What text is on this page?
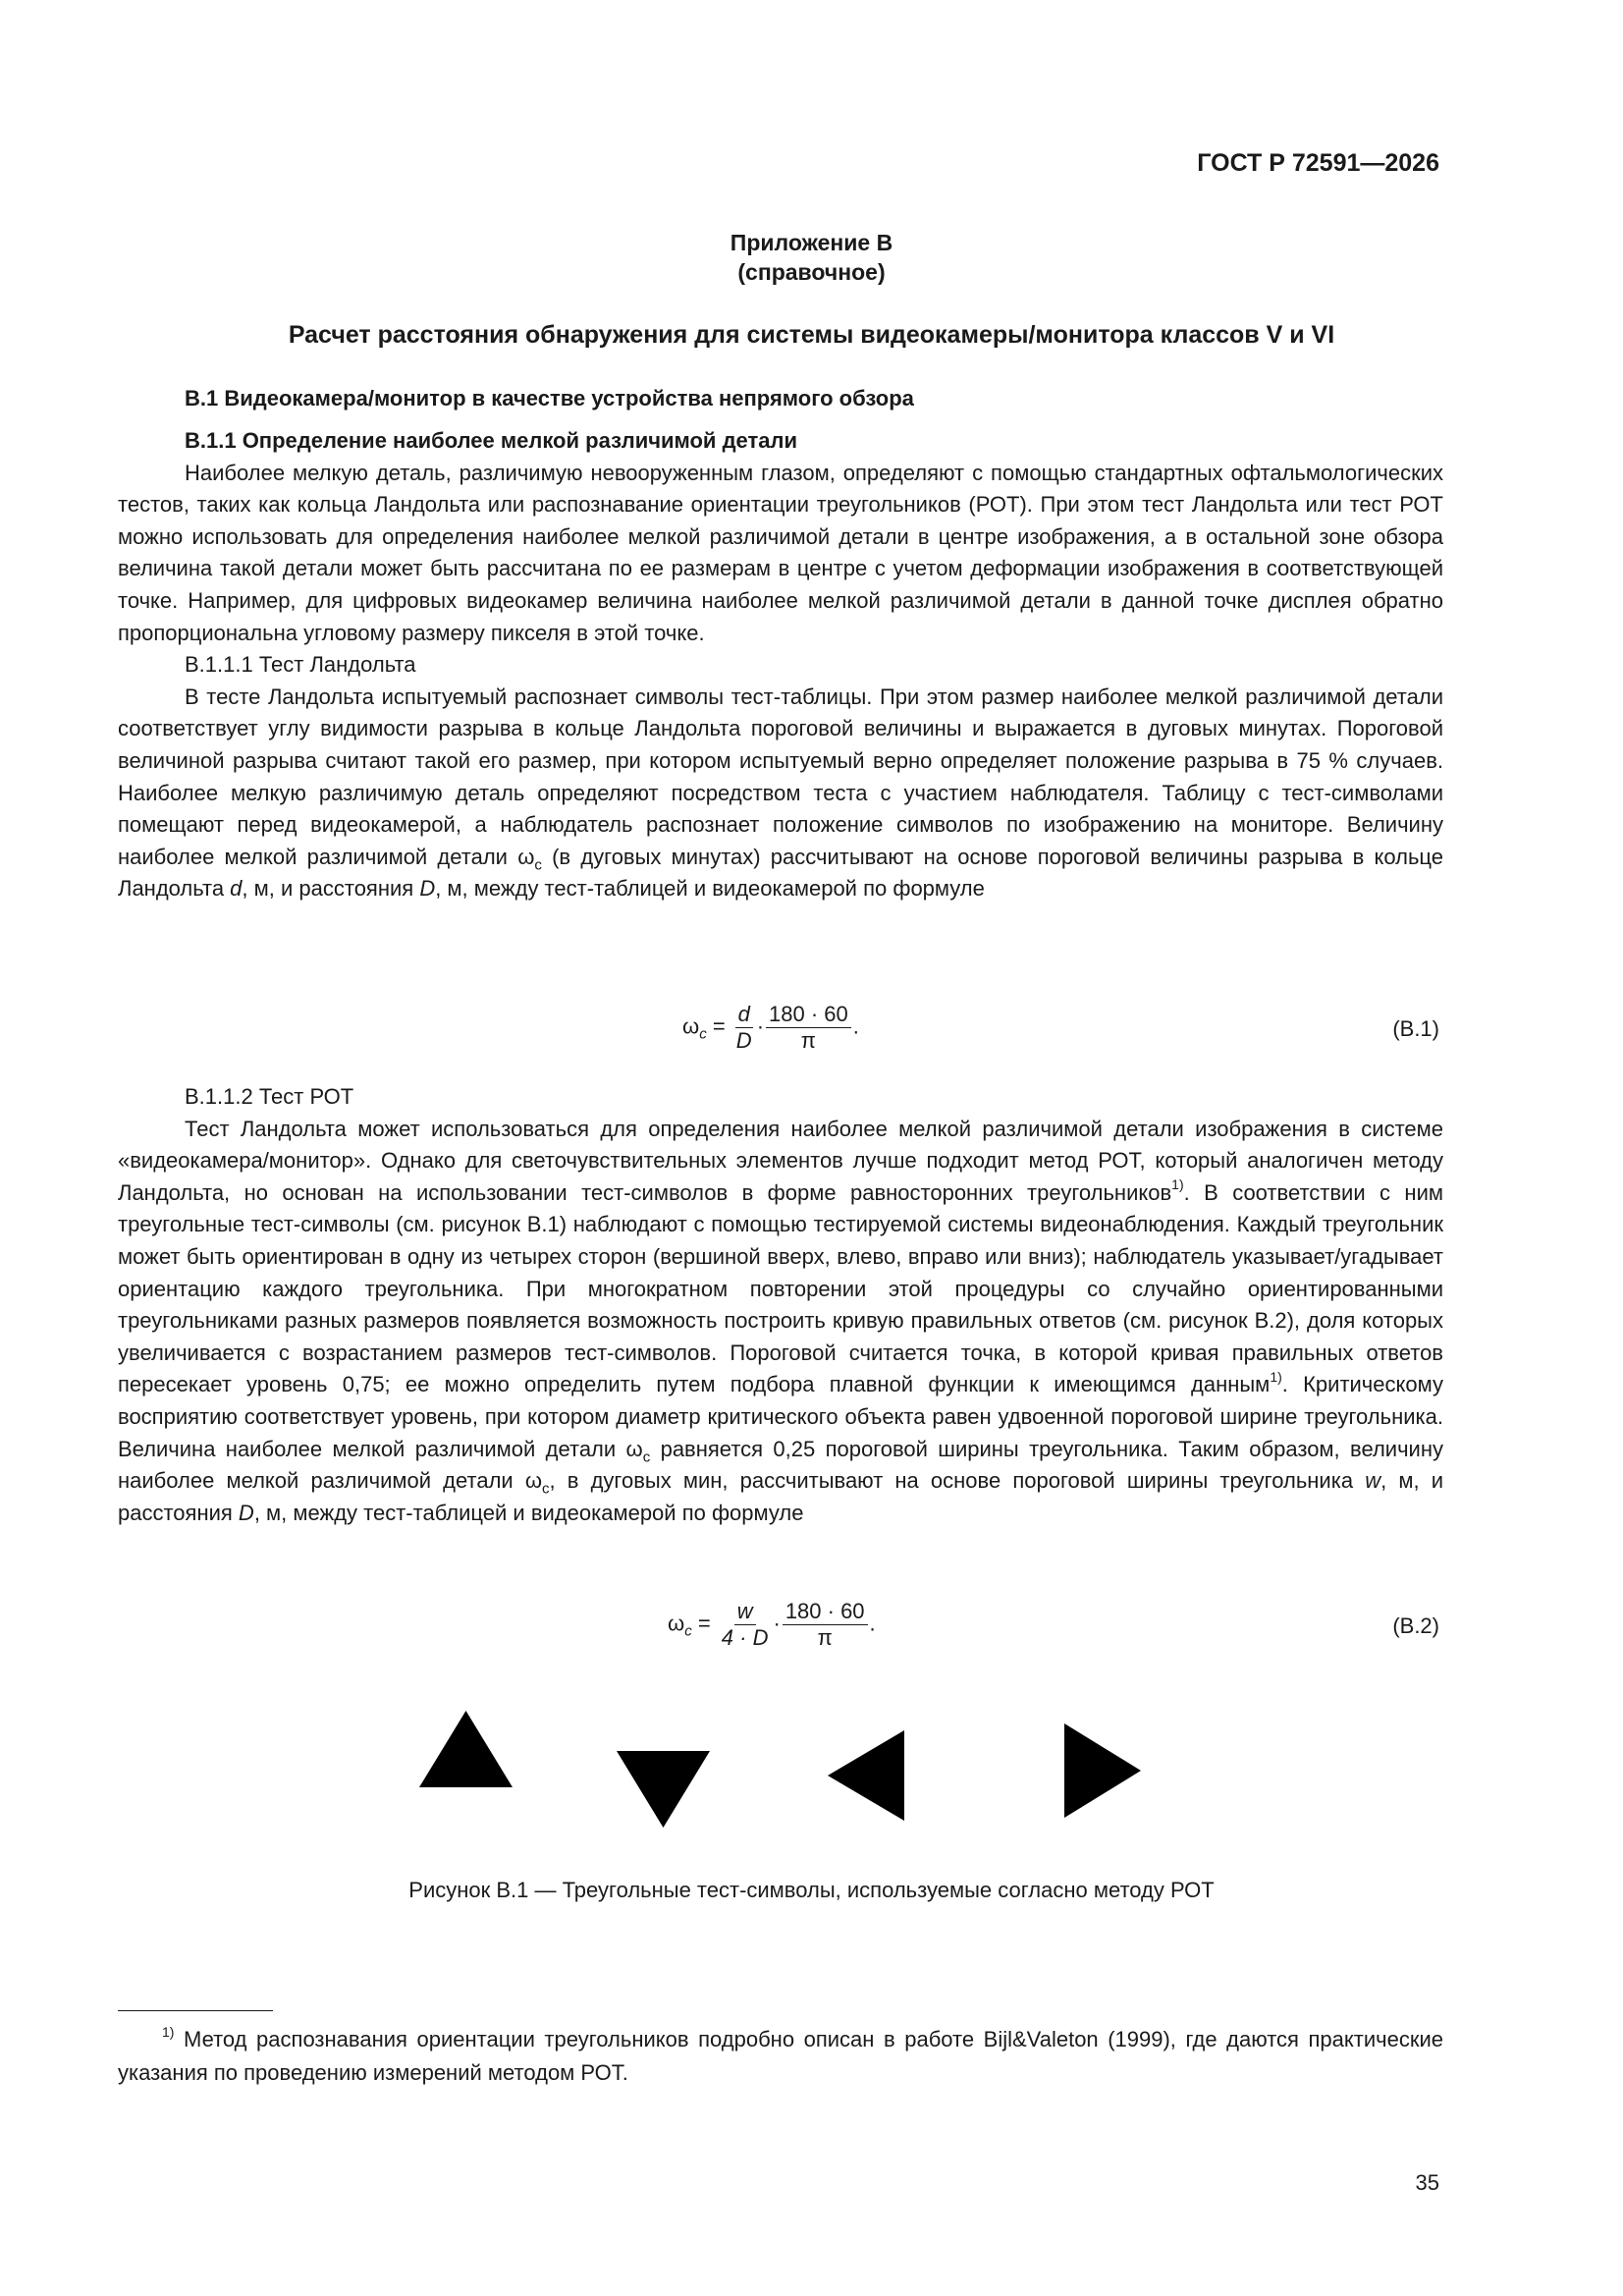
ГОСТ Р 72591—2026
Приложение В
(справочное)
Расчет расстояния обнаружения для системы видеокамеры/монитора классов V и VI
В.1 Видеокамера/монитор в качестве устройства непрямого обзора

В.1.1 Определение наиболее мелкой различимой детали

Наиболее мелкую деталь, различимую невооруженным глазом, определяют с помощью стандартных офтальмологических тестов, таких как кольца Ландольта или распознавание ориентации треугольников (РОТ). При этом тест Ландольта или тест РОТ можно использовать для определения наиболее мелкой различимой детали в центре изображения, а в остальной зоне обзора величина такой детали может быть рассчитана по ее размерам в центре с учетом деформации изображения в соответствующей точке. Например, для цифровых видеокамер величина наиболее мелкой различимой детали в данной точке дисплея обратно пропорциональна угловому размеру пикселя в этой точке.

В.1.1.1 Тест Ландольта

В тесте Ландольта испытуемый распознает символы тест-таблицы. При этом размер наиболее мелкой различимой детали соответствует углу видимости разрыва в кольце Ландольта пороговой величины и выражается в дуговых минутах. Пороговой величиной разрыва считают такой его размер, при котором испытуемый верно определяет положение разрыва в 75 % случаев. Наиболее мелкую различимую деталь определяют посредством теста с участием наблюдателя. Таблицу с тест-символами помещают перед видеокамерой, а наблюдатель распознает положение символов по изображению на мониторе. Величину наиболее мелкой различимой детали $\omega_c$ (в дуговых минутах) рассчитывают на основе пороговой величины разрыва в кольце Ландольта d, м, и расстояния D, м, между тест-таблицей и видеокамерой по формуле

$\omega_c = \frac{d}{D} \cdot \frac{180 \cdot 60}{\pi}$ .	(В.1)

В.1.1.2 Тест РОТ

Тест Ландольта может использоваться для определения наиболее мелкой различимой детали изображения в системе «видеокамера/монитор». Однако для светочувствительных элементов лучше подходит метод РОТ, который аналогичен методу Ландольта, но основан на использовании тест-символов в форме равносторонних треугольников$^{1)}$. В соответствии с ним треугольные тест-символы (см. рисунок В.1) наблюдают с помощью тестируемой системы видеонаблюдения. Каждый треугольник может быть ориентирован в одну из четырех сторон (вершиной вверх, влево, вправо или вниз); наблюдатель указывает/угадывает ориентацию каждого треугольника. При многократном повторении этой процедуры со случайно ориентированными треугольниками разных размеров появляется возможность построить кривую правильных ответов (см. рисунок В.2), доля которых увеличивается с возрастанием размеров тест-символов. Пороговой считается точка, в которой кривая правильных ответов пересекает уровень 0,75; ее можно определить путем подбора плавной функции к имеющимся данным$^{1)}$. Критическому восприятию соответствует уровень, при котором диаметр критического объекта равен удвоенной пороговой ширине треугольника. Величина наиболее мелкой различимой детали $\omega_c$ равняется 0,25 пороговой ширины треугольника. Таким образом, величину наиболее мелкой различимой детали $\omega_c$, в дуговых мин, рассчитывают на основе пороговой ширины треугольника w, м, и расстояния D, м, между тест-таблицей и видеокамерой по формуле

$\omega_c = \frac{w}{4 \cdot D} \cdot \frac{180 \cdot 60}{\pi}$ .	(В.2)
Рисунок В.1 — Треугольные тест-символы, используемые согласно методу РОТ
$^{1)}$ Метод распознавания ориентации треугольников подробно описан в работе Bijl&Valeton (1999), где даются практические указания по проведению измерений методом РОТ.
35
